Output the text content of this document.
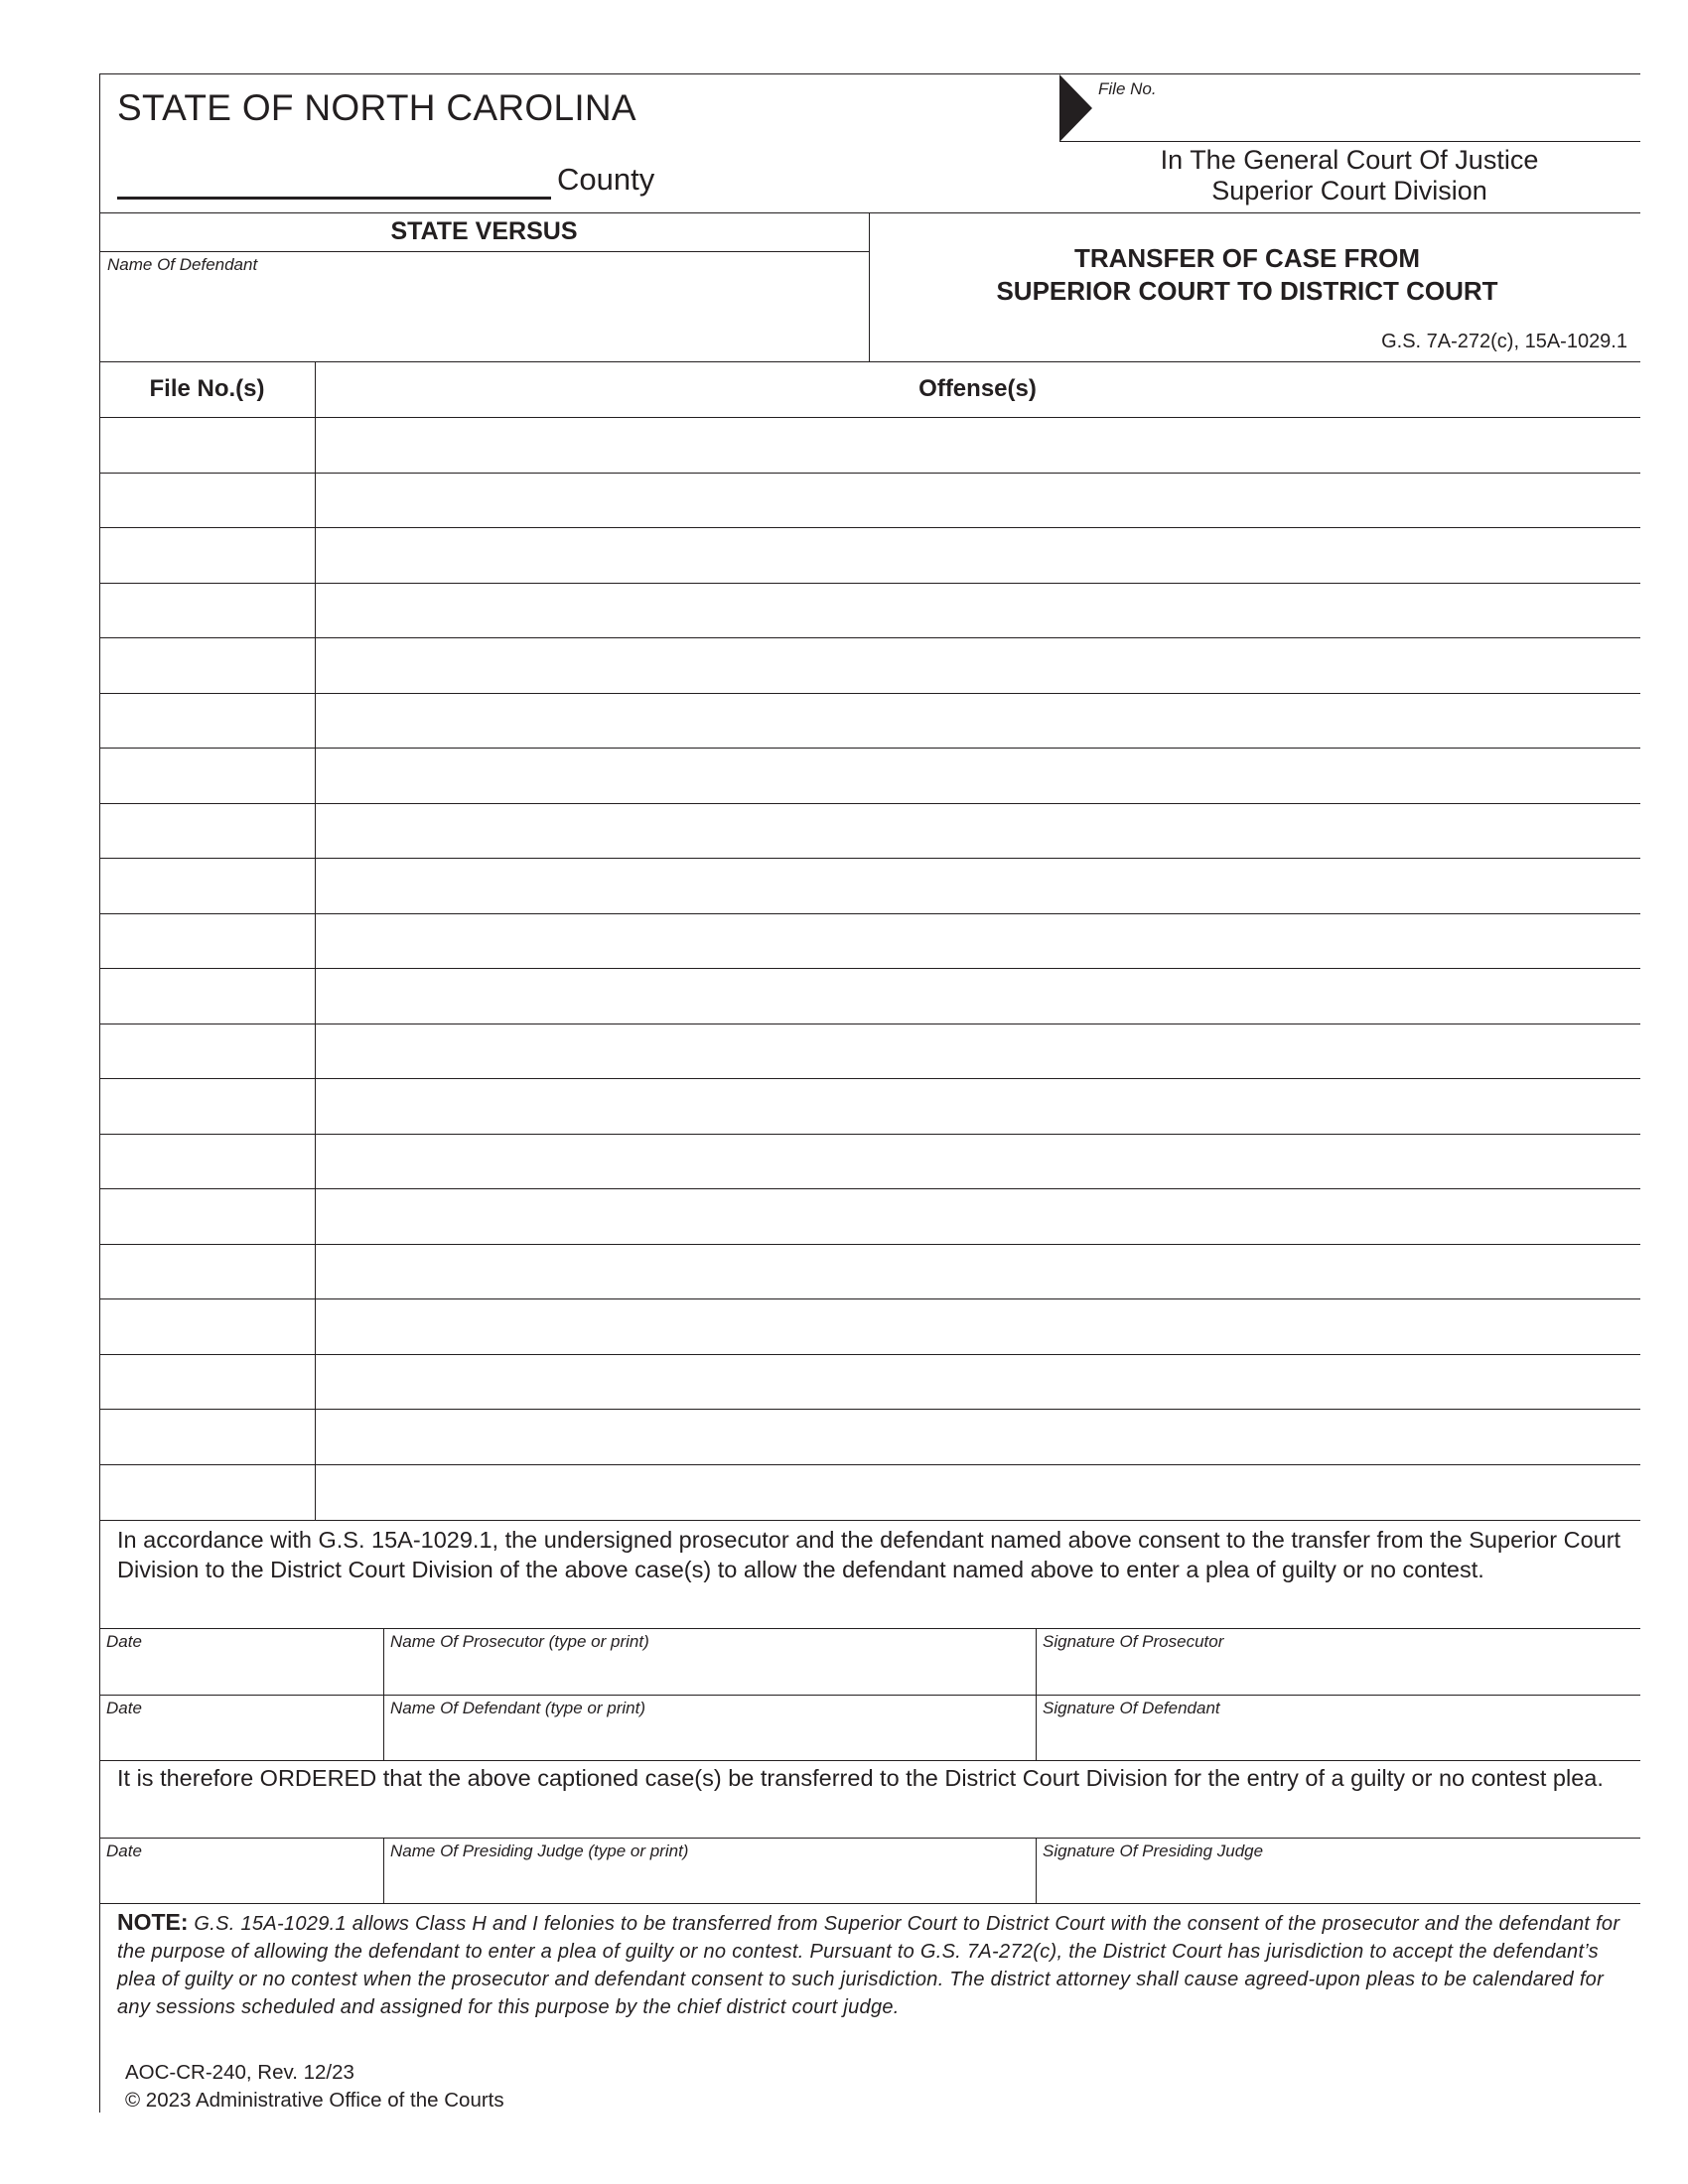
STATE OF NORTH CAROLINA
County
File No.
In The General Court Of Justice
Superior Court Division
STATE VERSUS
Name Of Defendant	TRANSFER OF CASE FROM
SUPERIOR COURT TO DISTRICT COURT
G.S. 7A-272(c), 15A-1029.1
File No.(s)	Offense(s)
In accordance with G.S. 15A-1029.1, the undersigned prosecutor and the defendant named above consent to the transfer from the Superior Court Division to the District Court Division of the above case(s) to allow the defendant named above to enter a plea of guilty or no contest.
Date	Name Of Prosecutor (type or print)	Signature Of Prosecutor
Date	Name Of Defendant (type or print)	Signature Of Defendant
It is therefore ORDERED that the above captioned case(s) be transferred to the District Court Division for the entry of a guilty or no contest plea.
Date	Name Of Presiding Judge (type or print)	Signature Of Presiding Judge
NOTE: G.S. 15A-1029.1 allows Class H and I felonies to be transferred from Superior Court to District Court with the consent of the prosecutor and the defendant for the purpose of allowing the defendant to enter a plea of guilty or no contest. Pursuant to G.S. 7A-272(c), the District Court has jurisdiction to accept the defendant’s plea of guilty or no contest when the prosecutor and defendant consent to such jurisdiction. The district attorney shall cause agreed-upon pleas to be calendared for any sessions scheduled and assigned for this purpose by the chief district court judge.
AOC-CR-240, Rev. 12/23
© 2023 Administrative Office of the Courts
